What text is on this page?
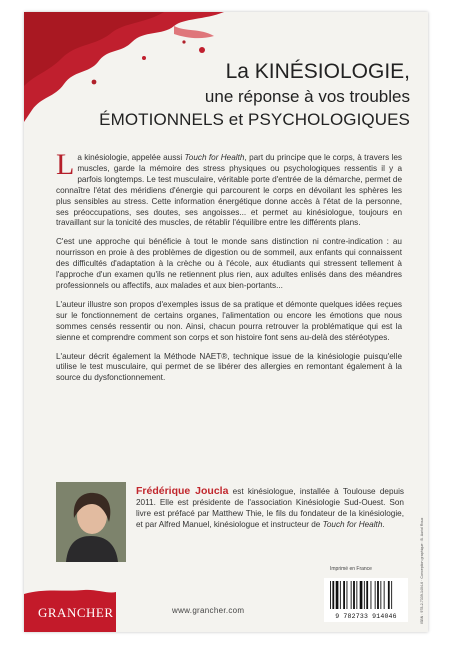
La KINÉSIOLOGIE,
une réponse à vos troubles
ÉMOTIONNELS et PSYCHOLOGIQUES

La kinésiologie, appelée aussi Touch for Health, part du principe que le corps, à travers les muscles, garde la mémoire des stress physiques ou psychologiques ressentis il y a parfois longtemps. Le test musculaire, véritable porte d'entrée de la démarche, permet de connaître l'état des méridiens d'énergie qui parcourent le corps en dévoilant les sphères les plus sensibles au stress. Cette information énergétique donne accès à l'état de la personne, ses préoccupations, ses doutes, ses angoisses... et permet au kinésiologue, toujours en travaillant sur la tonicité des muscles, de rétablir l'équilibre entre les différents plans.

C'est une approche qui bénéficie à tout le monde sans distinction ni contre-indication : au nourrisson en proie à des problèmes de digestion ou de sommeil, aux enfants qui connaissent des difficultés d'adaptation à la crèche ou à l'école, aux étudiants qui stressent tellement à l'approche d'un examen qu'ils ne retiennent plus rien, aux adultes enlisés dans des méandres professionnels ou affectifs, aux malades et aux bien-portants...

L'auteur illustre son propos d'exemples issus de sa pratique et démonte quelques idées reçues sur le fonctionnement de certains organes, l'alimentation ou encore les émotions que nous sommes censés ressentir ou non. Ainsi, chacun pourra retrouver la problématique qui est la sienne et comprendre comment son corps et son histoire font sens au-delà des stéréotypes.

L'auteur décrit également la Méthode NAET®, technique issue de la kinésiologie puisqu'elle utilise le test musculaire, qui permet de se libérer des allergies en remontant également à la source du dysfonctionnement.

Frédérique Joucla est kinésiologue, installée à Toulouse depuis 2011. Elle est présidente de l'association Kinésiologie Sud-Ouest. Son livre est préfacé par Matthew Thie, le fils du fondateur de la kinésiologie, et par Alfred Manuel, kinésiologue et instructeur de Touch for Health.
GRANCHER	www.grancher.com
Imprimé en France
9 782733 914046	ISBN : 978-2-7339-1404-6 · Conception graphique : B. Auriol Roux
